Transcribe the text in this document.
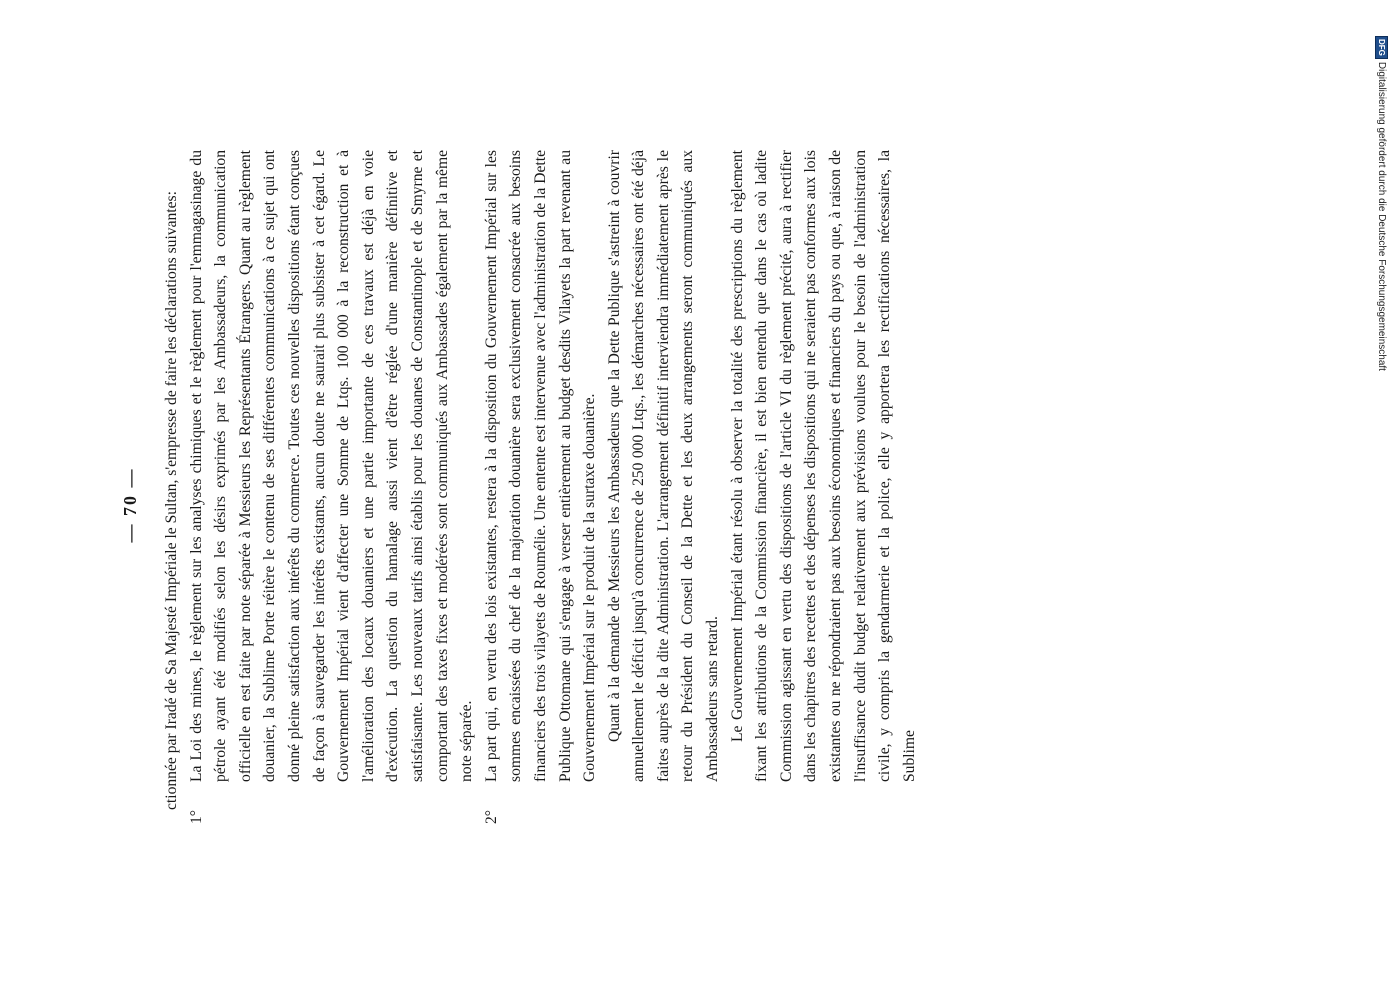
— 70 — ctionnée par Iradé de Sa Majesté Impériale le Sultan, s'empresse de faire les déclarations suivantes:

1°

La Loi des mines, le règlement sur les analyses chimiques et le règlement pour l'emmagasinage du pétrole ayant été modifiés selon les désirs exprimés par les Ambassadeurs, la communication officielle en est faite par note séparée à Messieurs les Représentants Étrangers. Quant au règlement douanier, la Sublime Porte réitère le contenu de ses différentes communications à ce sujet qui ont donné pleine satisfaction aux intérêts du commerce. Toutes ces nouvelles dispositions étant conçues de façon à sauvegarder les intérêts existants, aucun doute ne saurait plus subsister à cet égard. Le Gouvernement Impérial vient d'affecter une Somme de Ltqs. 100 000 à la reconstruction et à l'amélioration des locaux douaniers et une partie importante de ces travaux est déjà en voie d'exécution. La question du hamalage aussi vient d'être réglée d'une manière définitive et satisfaisante. Les nouveaux tarifs ainsi établis pour les douanes de Constantinople et de Smyrne et comportant des taxes fixes et modérées sont communiqués aux Ambassades également par la même note séparée.

2°

La part qui, en vertu des lois existantes, restera à la disposition du Gouvernement Impérial sur les sommes encaissées du chef de la majoration douanière sera exclusivement consacrée aux besoins financiers des trois vilayets de Roumélie. Une entente est intervenue avec l'administration de la Dette Publique Ottomane qui s'engage à verser entièrement au budget desdits Vilayets la part revenant au Gouvernement Impérial sur le produit de la surtaxe douanière. Quant à la demande de Messieurs les Ambassadeurs que la Dette Publique s'astreint à couvrir annuellement le déficit jusqu'à concurrence de 250 000 Ltqs., les démarches nécessaires ont été déjà faites auprès de la dite Administration. L'arrangement définitif interviendra immédiatement après le retour du Président du Conseil de la Dette et les deux arrangements seront communiqués aux Ambassadeurs sans retard. Le Gouvernement Impérial étant résolu à observer la totalité des prescriptions du règlement fixant les attributions de la Commission financière, il est bien entendu que dans le cas où ladite Commission agissant en vertu des dispositions de l'article VI du règlement précité, aura à rectifier dans les chapitres des recettes et des dépenses les dispositions qui ne seraient pas conformes aux lois existantes ou ne répondraient pas aux besoins économiques et financiers du pays ou que, à raison de l'insuffisance dudit budget relativement aux prévisions voulues pour le besoin de l'administration civile, y compris la gendarmerie et la police, elle y apportera les rectifications nécessaires, la Sublime

DFG
Digitalisierung gefördert durch die Deutsche Forschungsgemeinschaft
